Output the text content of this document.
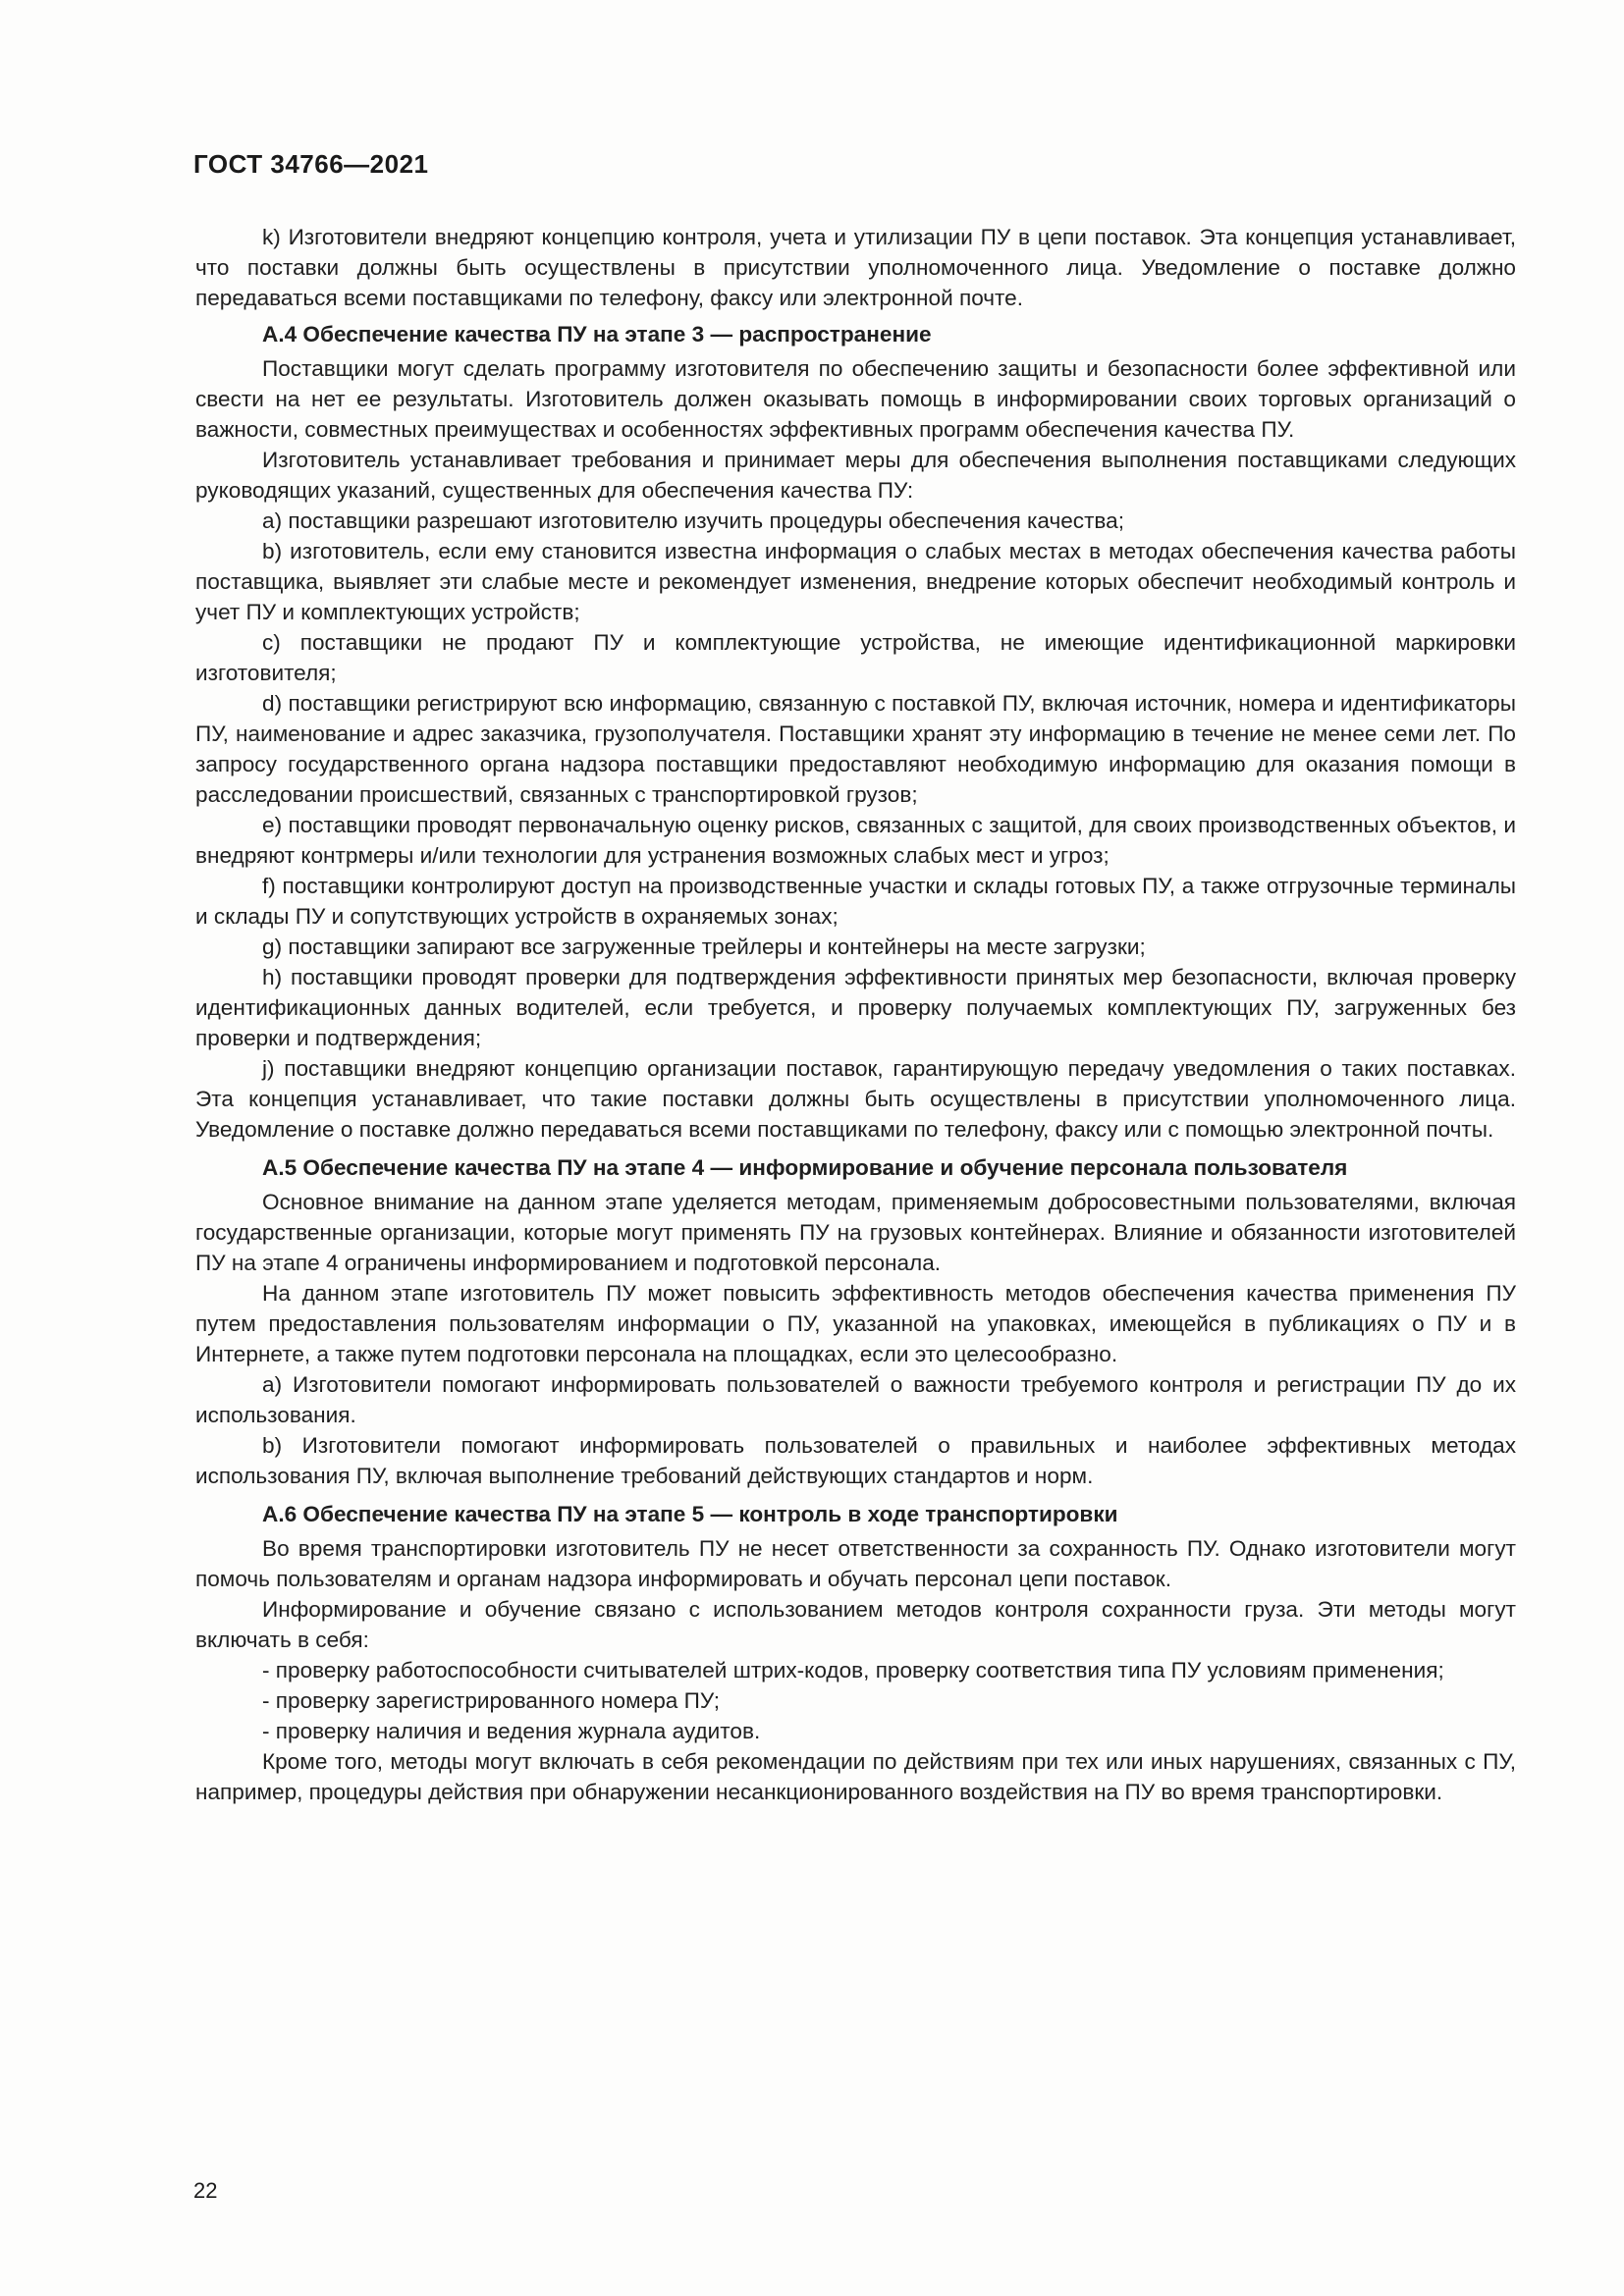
ГОСТ 34766—2021

k) Изготовители внедряют концепцию контроля, учета и утилизации ПУ в цепи поставок. Эта концепция устанавливает, что поставки должны быть осуществлены в присутствии уполномоченного лица. Уведомление о поставке должно передаваться всеми поставщиками по телефону, факсу или электронной почте.

А.4 Обеспечение качества ПУ на этапе 3 — распространение

Поставщики могут сделать программу изготовителя по обеспечению защиты и безопасности более эффективной или свести на нет ее результаты. Изготовитель должен оказывать помощь в информировании своих торговых организаций о важности, совместных преимуществах и особенностях эффективных программ обеспечения качества ПУ.

Изготовитель устанавливает требования и принимает меры для обеспечения выполнения поставщиками следующих руководящих указаний, существенных для обеспечения качества ПУ:

a) поставщики разрешают изготовителю изучить процедуры обеспечения качества;

b) изготовитель, если ему становится известна информация о слабых местах в методах обеспечения качества работы поставщика, выявляет эти слабые месте и рекомендует изменения, внедрение которых обеспечит необходимый контроль и учет ПУ и комплектующих устройств;

c) поставщики не продают ПУ и комплектующие устройства, не имеющие идентификационной маркировки изготовителя;

d) поставщики регистрируют всю информацию, связанную с поставкой ПУ, включая источник, номера и идентификаторы ПУ, наименование и адрес заказчика, грузополучателя. Поставщики хранят эту информацию в течение не менее семи лет. По запросу государственного органа надзора поставщики предоставляют необходимую информацию для оказания помощи в расследовании происшествий, связанных с транспортировкой грузов;

e) поставщики проводят первоначальную оценку рисков, связанных с защитой, для своих производственных объектов, и внедряют контрмеры и/или технологии для устранения возможных слабых мест и угроз;

f) поставщики контролируют доступ на производственные участки и склады готовых ПУ, а также отгрузочные терминалы и склады ПУ и сопутствующих устройств в охраняемых зонах;

g) поставщики запирают все загруженные трейлеры и контейнеры на месте загрузки;

h) поставщики проводят проверки для подтверждения эффективности принятых мер безопасности, включая проверку идентификационных данных водителей, если требуется, и проверку получаемых комплектующих ПУ, загруженных без проверки и подтверждения;

j) поставщики внедряют концепцию организации поставок, гарантирующую передачу уведомления о таких поставках. Эта концепция устанавливает, что такие поставки должны быть осуществлены в присутствии уполномоченного лица. Уведомление о поставке должно передаваться всеми поставщиками по телефону, факсу или с помощью электронной почты.

А.5 Обеспечение качества ПУ на этапе 4 — информирование и обучение персонала пользователя

Основное внимание на данном этапе уделяется методам, применяемым добросовестными пользователями, включая государственные организации, которые могут применять ПУ на грузовых контейнерах. Влияние и обязанности изготовителей ПУ на этапе 4 ограничены информированием и подготовкой персонала.

На данном этапе изготовитель ПУ может повысить эффективность методов обеспечения качества применения ПУ путем предоставления пользователям информации о ПУ, указанной на упаковках, имеющейся в публикациях о ПУ и в Интернете, а также путем подготовки персонала на площадках, если это целесообразно.

a) Изготовители помогают информировать пользователей о важности требуемого контроля и регистрации ПУ до их использования.

b) Изготовители помогают информировать пользователей о правильных и наиболее эффективных методах использования ПУ, включая выполнение требований действующих стандартов и норм.

А.6 Обеспечение качества ПУ на этапе 5 — контроль в ходе транспортировки

Во время транспортировки изготовитель ПУ не несет ответственности за сохранность ПУ. Однако изготовители могут помочь пользователям и органам надзора информировать и обучать персонал цепи поставок.

Информирование и обучение связано с использованием методов контроля сохранности груза. Эти методы могут включать в себя:

- проверку работоспособности считывателей штрих-кодов, проверку соответствия типа ПУ условиям применения;

- проверку зарегистрированного номера ПУ;

- проверку наличия и ведения журнала аудитов.

Кроме того, методы могут включать в себя рекомендации по действиям при тех или иных нарушениях, связанных с ПУ, например, процедуры действия при обнаружении несанкционированного воздействия на ПУ во время транспортировки.

22
